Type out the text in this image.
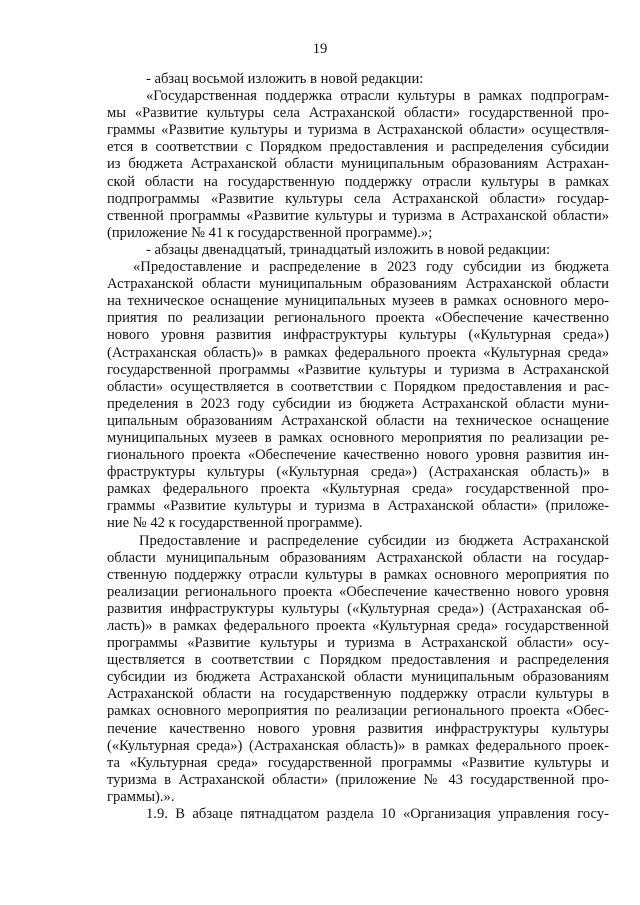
19
- абзац восьмой изложить в новой редакции:
«Государственная поддержка отрасли культуры в рамках подпрограм-
мы «Развитие культуры села Астраханской области» государственной про-
граммы «Развитие культуры и туризма в Астраханской области» осуществля-
ется в соответствии с Порядком предоставления и распределения субсидии
из бюджета Астраханской области муниципальным образованиям Астрахан-
ской области на государственную поддержку отрасли культуры в рамках
подпрограммы «Развитие культуры села Астраханской области» государ-
ственной программы «Развитие культуры и туризма в Астраханской области»
(приложение № 41 к государственной программе).»;
- абзацы двенадцатый, тринадцатый изложить в новой редакции:
«Предоставление и распределение в 2023 году субсидии из бюджета
Астраханской области муниципальным образованиям Астраханской области
на техническое оснащение муниципальных музеев в рамках основного меро-
приятия по реализации регионального проекта «Обеспечение качественно
нового уровня развития инфраструктуры культуры («Культурная среда»)
(Астраханская область)» в рамках федерального проекта «Культурная среда»
государственной программы «Развитие культуры и туризма в Астраханской
области» осуществляется в соответствии с Порядком предоставления и рас-
пределения в 2023 году субсидии из бюджета Астраханской области муни-
ципальным образованиям Астраханской области на техническое оснащение
муниципальных музеев в рамках основного мероприятия по реализации ре-
гионального проекта «Обеспечение качественно нового уровня развития ин-
фраструктуры культуры («Культурная среда») (Астраханская область)» в
рамках федерального проекта «Культурная среда» государственной про-
граммы «Развитие культуры и туризма в Астраханской области» (приложе-
ние № 42 к государственной программе).
Предоставление и распределение субсидии из бюджета Астраханской
области муниципальным образованиям Астраханской области на государ-
ственную поддержку отрасли культуры в рамках основного мероприятия по
реализации регионального проекта «Обеспечение качественно нового уровня
развития инфраструктуры культуры («Культурная среда») (Астраханская об-
ласть)» в рамках федерального проекта «Культурная среда» государственной
программы «Развитие культуры и туризма в Астраханской области» осу-
ществляется в соответствии с Порядком предоставления и распределения
субсидии из бюджета Астраханской области муниципальным образованиям
Астраханской области на государственную поддержку отрасли культуры в
рамках основного мероприятия по реализации регионального проекта «Обес-
печение качественно нового уровня развития инфраструктуры культуры
(«Культурная среда») (Астраханская область)» в рамках федерального проек-
та «Культурная среда» государственной программы «Развитие культуры и
туризма в Астраханской области» (приложение № 43 государственной про-
граммы).».
1.9. В абзаце пятнадцатом раздела 10 «Организация управления госу-
